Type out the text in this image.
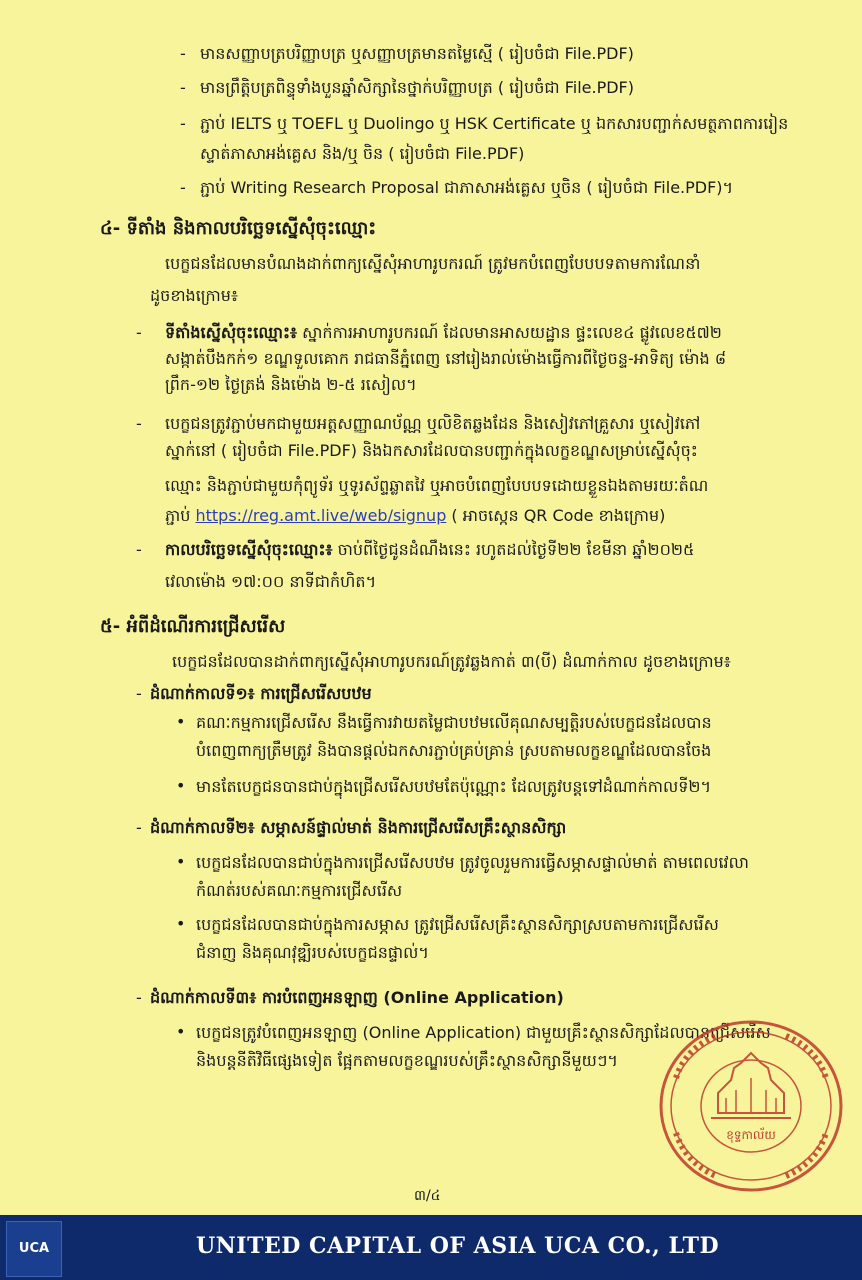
- មានសញ្ញាបត្របរិញ្ញាបត្រ ឬសញ្ញាបត្រមានតម្លៃស្មើ ( រៀបចំជា File.PDF)
- មានព្រឹត្តិបត្រពិន្ទុទាំងបួនឆ្នាំសិក្សានៃថ្នាក់បរិញ្ញាបត្រ ( រៀបចំជា File.PDF)
- ភ្ជាប់ IELTS ឬ TOEFL ឬ Duolingo ឬ HSK Certificate ឬ ឯកសារបញ្ជាក់សមត្ថភាពការរៀន
ស្ទាត់ភាសាអង់គ្លេស និង/ឬ ចិន ( រៀបចំជា File.PDF)
- ភ្ជាប់ Writing Research Proposal ជាភាសាអង់គ្លេស ឬចិន ( រៀបចំជា File.PDF)។
៤- ទីតាំង និងកាលបរិច្ឆេទស្នើសុំចុះឈ្មោះ
បេក្ខជនដែលមានបំណងដាក់ពាក្យស្នើសុំអាហារូបករណ៍ ត្រូវមកបំពេញបែបបទតាមការណែនាំ
ដូចខាងក្រោម៖
- ទីតាំងស្នើសុំចុះឈ្មោះ៖ ស្នាក់ការអាហារូបករណ៍ ដែលមានអាសយដ្ឋាន ផ្ទះលេខ៤ ផ្លូវលេខ៥៧២
សង្កាត់បឹងកក់១ ខណ្ឌទួលគោក រាជធានីភ្នំពេញ នៅរៀងរាល់ម៉ោងធ្វើការពីថ្ងៃចន្ទ-អាទិត្យ ម៉ោង ៨
ព្រឹក-១២ ថ្ងៃត្រង់ និងម៉ោង ២-៥ រសៀល។
- បេក្ខជនត្រូវភ្ជាប់មកជាមួយអត្តសញ្ញាណប័ណ្ណ ឬលិខិតឆ្លងដែន និងសៀវភៅគ្រួសារ ឬសៀវភៅ
ស្នាក់នៅ ( រៀបចំជា File.PDF) និងឯកសារដែលបានបញ្ជាក់ក្នុងលក្ខខណ្ឌសម្រាប់ស្នើសុំចុះ
ឈ្មោះ និងភ្ជាប់ជាមួយកុំព្យូទ័រ ឬទូរស័ព្ទឆ្លាតវៃ ឬអាចបំពេញបែបបទដោយខ្លួនឯងតាមរយៈតំណ
ភ្ជាប់ https://reg.amt.live/web/signup ( អាចស្កេន QR Code ខាងក្រោម)
- កាលបរិច្ឆេទស្នើសុំចុះឈ្មោះ៖ ចាប់ពីថ្ងៃជូនដំណឹងនេះ រហូតដល់ថ្ងៃទី២២ ខែមីនា ឆ្នាំ២០២៥
វេលាម៉ោង ១៧:០០ នាទីជាកំហិត។
៥- អំពីដំណើរការជ្រើសរើស
បេក្ខជនដែលបានដាក់ពាក្យស្នើសុំអាហារូបករណ៍ត្រូវឆ្លងកាត់ ៣(បី) ដំណាក់កាល ដូចខាងក្រោម៖
- ដំណាក់កាលទី១៖ ការជ្រើសរើសបឋម
• គណៈកម្មការជ្រើសរើស នឹងធ្វើការវាយតម្លៃជាបឋមលើគុណសម្បត្តិរបស់បេក្ខជនដែលបាន
បំពេញពាក្យត្រឹមត្រូវ និងបានផ្តល់ឯកសារភ្ជាប់គ្រប់គ្រាន់ ស្របតាមលក្ខខណ្ឌដែលបានចែង
• មានតែបេក្ខជនបានជាប់ក្នុងជ្រើសរើសបឋមតែប៉ុណ្ណោះ ដែលត្រូវបន្តទៅដំណាក់កាលទី២។
- ដំណាក់កាលទី២៖ សម្ភាសន៍ផ្ទាល់មាត់ និងការជ្រើសរើសគ្រឹះស្ថានសិក្សា
• បេក្ខជនដែលបានជាប់ក្នុងការជ្រើសរើសបឋម ត្រូវចូលរួមការធ្វើសម្ភាសផ្ទាល់មាត់ តាមពេលវេលា
កំណត់របស់គណៈកម្មការជ្រើសរើស
• បេក្ខជនដែលបានជាប់ក្នុងការសម្ភាស ត្រូវជ្រើសរើសគ្រឹះស្ថានសិក្សាស្របតាមការជ្រើសរើស
ជំនាញ និងគុណវុឌ្ឍិរបស់បេក្ខជនផ្ទាល់។
- ដំណាក់កាលទី៣៖ ការបំពេញអនឡាញ (Online Application)
• បេក្ខជនត្រូវបំពេញអនឡាញ (Online Application) ជាមួយគ្រឹះស្ថានសិក្សាដែលបានជ្រើសរើស
និងបន្តនីតិវិធីផ្សេងទៀត ផ្អែកតាមលក្ខខណ្ឌរបស់គ្រឹះស្ថានសិក្សានីមួយៗ។
ខុទ្ទកាល័យ
៣/៤
UCA	UNITED CAPITAL OF ASIA UCA CO., LTD
